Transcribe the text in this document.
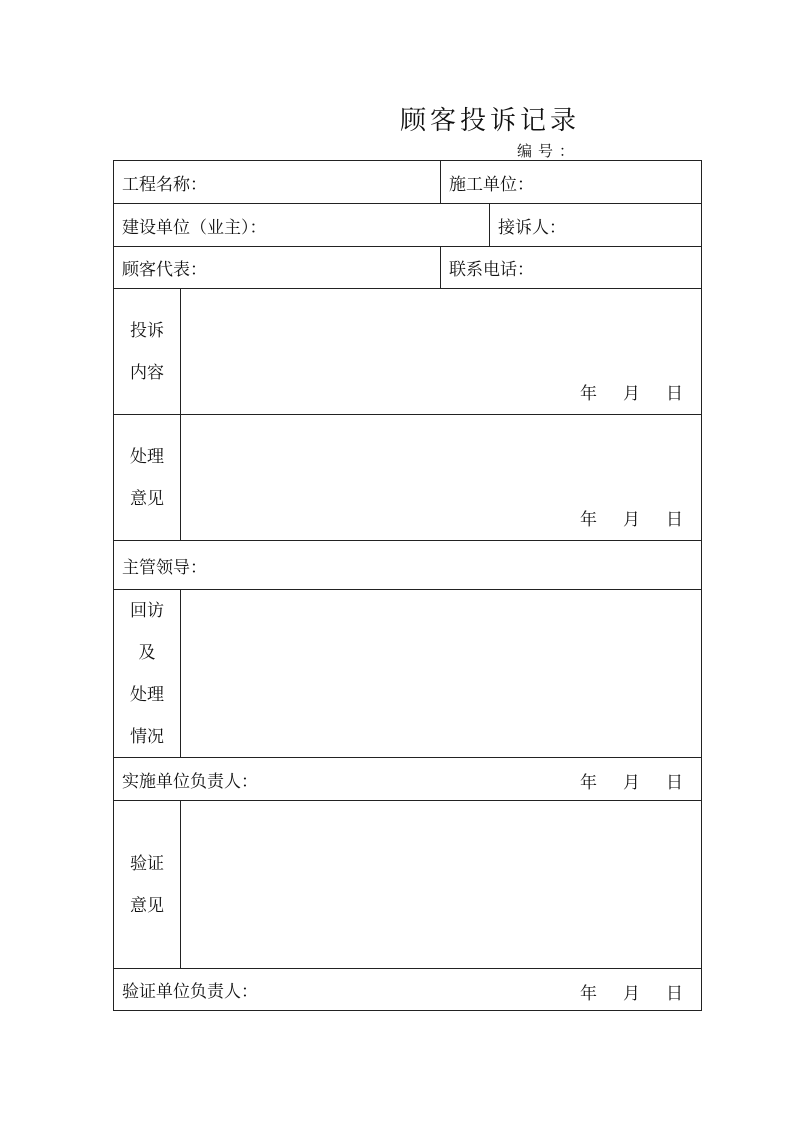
顾客投诉记录
编号：
工程名称：	施工单位：
建设单位（业主）：	接诉人：
顾客代表：	联系电话：
投诉
内容
年 月 日
处理
意见
年 月 日
主管领导：
回访
及
处理
情况
实施单位负责人：	年 月 日
验证
意见
验证单位负责人：	年 月 日
